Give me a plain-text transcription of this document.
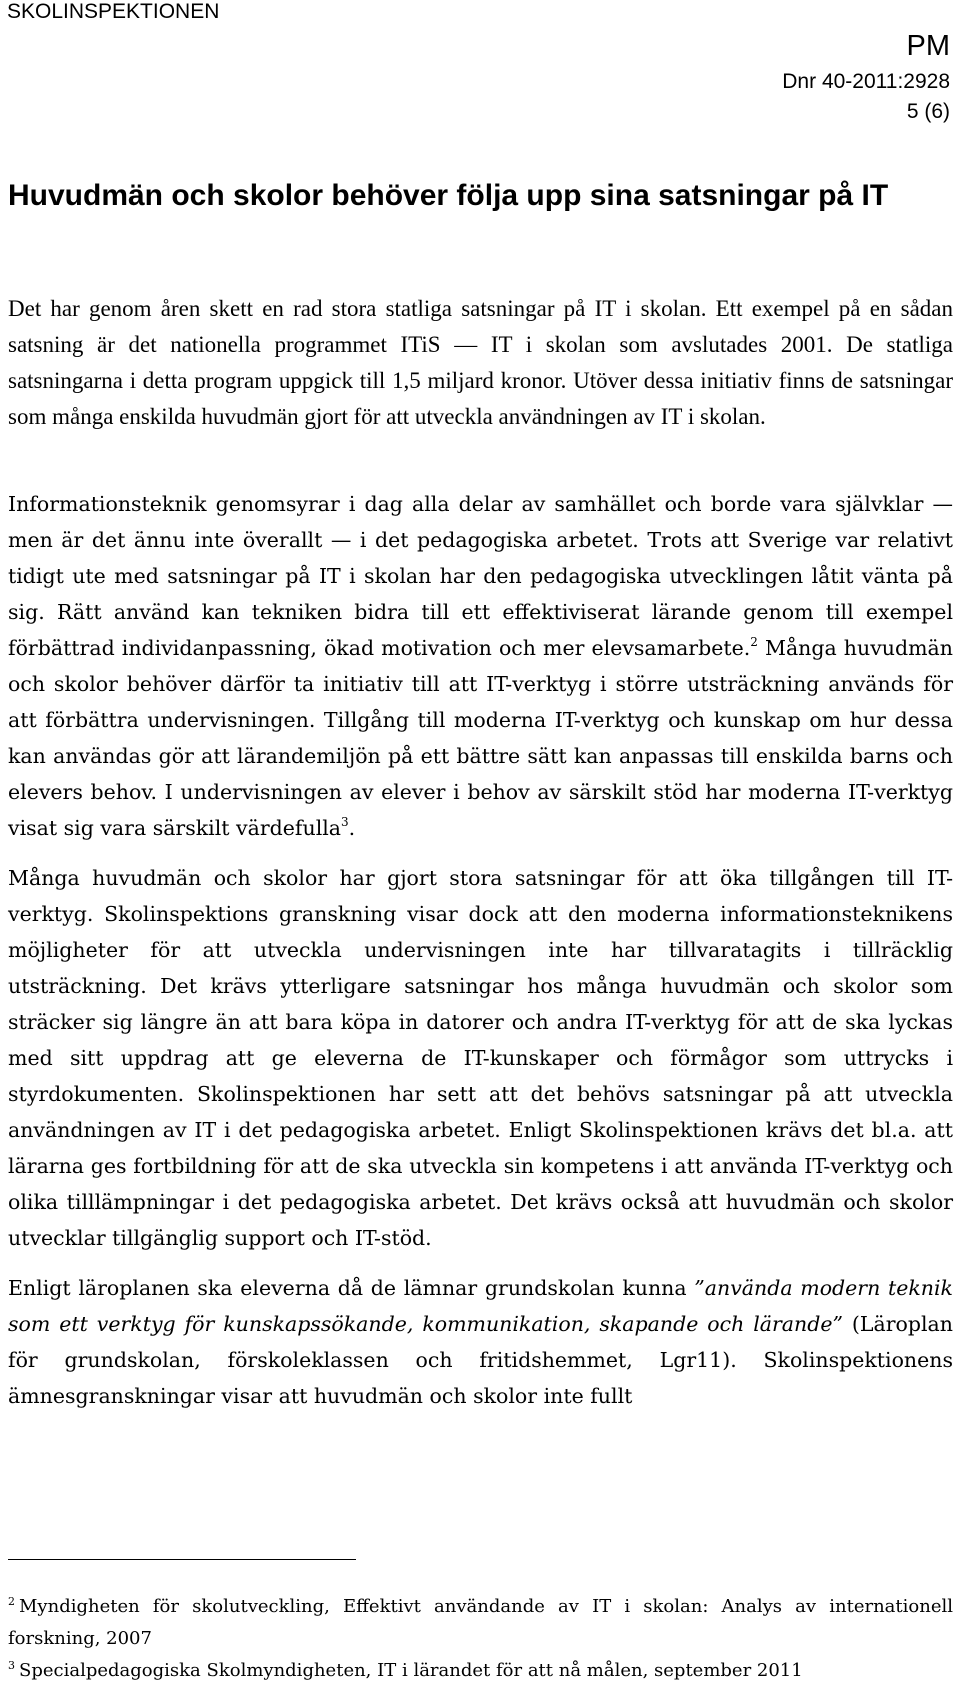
SKOLINSPEKTIONEN
PM
Dnr 40-2011:2928
5 (6)
Huvudmän och skolor behöver följa upp sina satsningar på IT

Det har genom åren skett en rad stora statliga satsningar på IT i skolan. Ett exempel på en sådan satsning är det nationella programmet ITiS — IT i skolan som avslutades 2001. De statliga satsningarna i detta program uppgick till 1,5 miljard kronor. Utöver dessa initiativ finns de satsningar som många enskilda huvudmän gjort för att utveckla användningen av IT i skolan.

Informationsteknik genomsyrar i dag alla delar av samhället och borde vara självklar — men är det ännu inte överallt — i det pedagogiska arbetet. Trots att Sverige var relativt tidigt ute med satsningar på IT i skolan har den pedagogiska utvecklingen låtit vänta på sig. Rätt använd kan tekniken bidra till ett effektiviserat lärande genom till exempel förbättrad individanpassning, ökad motivation och mer elevsamarbete.$^2$ Många huvudmän och skolor behöver därför ta initiativ till att IT-verktyg i större utsträckning används för att förbättra undervisningen. Tillgång till moderna IT-verktyg och kunskap om hur dessa kan användas gör att lärandemiljön på ett bättre sätt kan anpassas till enskilda barns och elevers behov. I undervisningen av elever i behov av särskilt stöd har moderna IT-verktyg visat sig vara särskilt värdefulla$^3$.

Många huvudmän och skolor har gjort stora satsningar för att öka tillgången till IT-verktyg. Skolinspektions granskning visar dock att den moderna informationsteknikens möjligheter för att utveckla undervisningen inte har tillvaratagits i tillräcklig utsträckning. Det krävs ytterligare satsningar hos många huvudmän och skolor som sträcker sig längre än att bara köpa in datorer och andra IT-verktyg för att de ska lyckas med sitt uppdrag att ge eleverna de IT-kunskaper och förmågor som uttrycks i styrdokumenten. Skolinspektionen har sett att det behövs satsningar på att utveckla användningen av IT i det pedagogiska arbetet. Enligt Skolinspektionen krävs det bl.a. att lärarna ges fortbildning för att de ska utveckla sin kompetens i att använda IT-verktyg och olika tilllämpningar i det pedagogiska arbetet. Det krävs också att huvudmän och skolor utvecklar tillgänglig support och IT-stöd.

Enligt läroplanen ska eleverna då de lämnar grundskolan kunna ”använda modern teknik som ett verktyg för kunskapssökande, kommunikation, skapande och lärande” (Läroplan för grundskolan, förskoleklassen och fritidshemmet, Lgr11). Skolinspektionens ämnesgranskningar visar att huvudmän och skolor inte fullt

$^2$ Myndigheten för skolutveckling, Effektivt användande av IT i skolan: Analys av internationell forskning, 2007
$^3$ Specialpedagogiska Skolmyndigheten, IT i lärandet för att nå målen, september 2011
